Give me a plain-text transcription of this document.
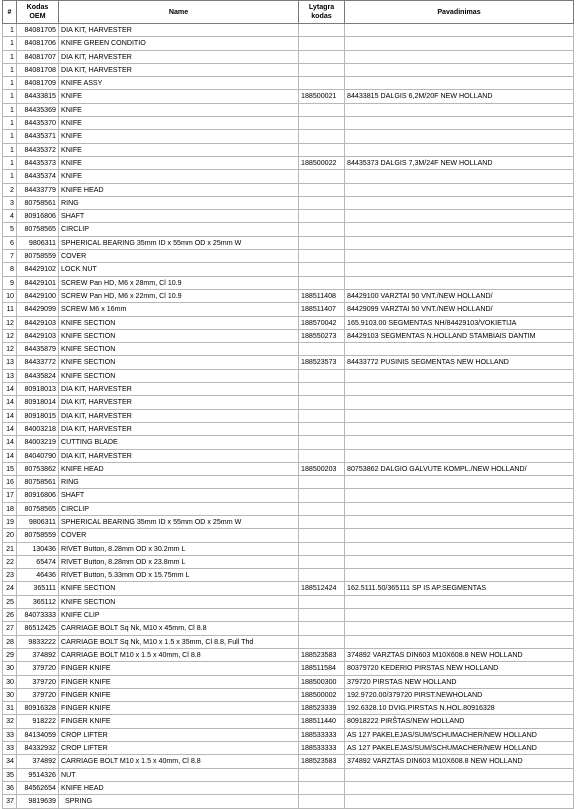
#	Kodas OEM	Name	Lytagra kodas	Pavadinimas
1	84081705	DIA KIT, HARVESTER		
1	84081706	KNIFE GREEN CONDITIO		
1	84081707	DIA KIT, HARVESTER		
1	84081708	DIA KIT, HARVESTER		
1	84081709	KNIFE ASSY		
1	84433815	KNIFE	188500021	84433815 DALGIS 6,2M/20F NEW HOLLAND
1	84435369	KNIFE		
1	84435370	KNIFE		
1	84435371	KNIFE		
1	84435372	KNIFE		
1	84435373	KNIFE	188500022	84435373 DALGIS 7,3M/24F NEW HOLLAND
1	84435374	KNIFE		
2	84433779	KNIFE HEAD		
3	80758561	RING		
4	80916806	SHAFT		
5	80758565	CIRCLIP		
6	9806311	SPHERICAL BEARING 35mm ID x 55mm OD x 25mm W		
7	80758559	COVER		
8	84429102	LOCK NUT		
9	84429101	SCREW Pan HD, M6 x 28mm, Cl 10.9		
10	84429100	SCREW Pan HD, M6 x 22mm, Cl 10.9	188511408	84429100 VARZTAI 50 VNT./NEW HOLLAND/
11	84429099	SCREW M6 x 16mm	188511407	84429099 VARZTAI 50 VNT./NEW HOLLAND/
12	84429103	KNIFE SECTION	188570042	165.9103.00 SEGMENTAS NH/84429103/VOKIETIJA
12	84429103	KNIFE SECTION	188550273	84429103 SEGMENTAS N.HOLLAND STAMBIAIS DANTIM
12	84435879	KNIFE SECTION		
13	84433772	KNIFE SECTION	188523573	84433772 PUSINIS SEGMENTAS NEW HOLLAND
13	84435824	KNIFE SECTION		
14	80918013	DIA KIT, HARVESTER		
14	80918014	DIA KIT, HARVESTER		
14	80918015	DIA KIT, HARVESTER		
14	84003218	DIA KIT, HARVESTER		
14	84003219	CUTTING BLADE		
14	84040790	DIA KIT, HARVESTER		
15	80753862	KNIFE HEAD	188500203	80753862 DALGIO GALVUTE KOMPL./NEW HOLLAND/
16	80758561	RING		
17	80916806	SHAFT		
18	80758565	CIRCLIP		
19	9806311	SPHERICAL BEARING 35mm ID x 55mm OD x 25mm W		
20	80758559	COVER		
21	130436	RIVET Button, 8.28mm OD x 30.2mm L		
22	65474	RIVET Button, 8.28mm OD x 23.8mm L		
23	46436	RIVET Button, 5.33mm OD x 15.75mm L		
24	365111	KNIFE SECTION	188512424	162.5111.50/365111 SP IS AP.SEGMENTAS
25	365112	KNIFE SECTION		
26	84073333	KNIFE CLIP		
27	86512425	CARRIAGE BOLT Sq Nk, M10 x 45mm, Cl 8.8		
28	9833222	CARRIAGE BOLT Sq Nk, M10 x 1.5 x 35mm, Cl 8.8, Full Thd		
29	374892	CARRIAGE BOLT M10 x 1.5 x 40mm, Cl 8.8	188523583	374892 VARZTAS DIN603 M10X608.8 NEW HOLLAND
30	379720	FINGER KNIFE	188511584	80379720 KEDERIO PIRSTAS NEW HOLLAND
30	379720	FINGER KNIFE	188500300	379720 PIRSTAS NEW HOLLAND
30	379720	FINGER KNIFE	188500002	192.9720.00/379720 PIRST.NEWHOLAND
31	80916328	FINGER KNIFE	188523339	192.6328.10 DVIG.PIRSTAS N.HOL.80916328
32	918222	FINGER KNIFE	188511440	80918222 PIRŠTAS/NEW HOLLAND
33	84134059	CROP LIFTER	188533333	AS 127 PAKELEJAS/SUM/SCHUMACHER/NEW HOLLAND
33	84332932	CROP LIFTER	188533333	AS 127 PAKELEJAS/SUM/SCHUMACHER/NEW HOLLAND
34	374892	CARRIAGE BOLT M10 x 1.5 x 40mm, Cl 8.8	188523583	374892 VARZTAS DIN603 M10X608.8 NEW HOLLAND
35	9514326	NUT		
36	84562654	KNIFE HEAD		
37	9819639	SPRING		
